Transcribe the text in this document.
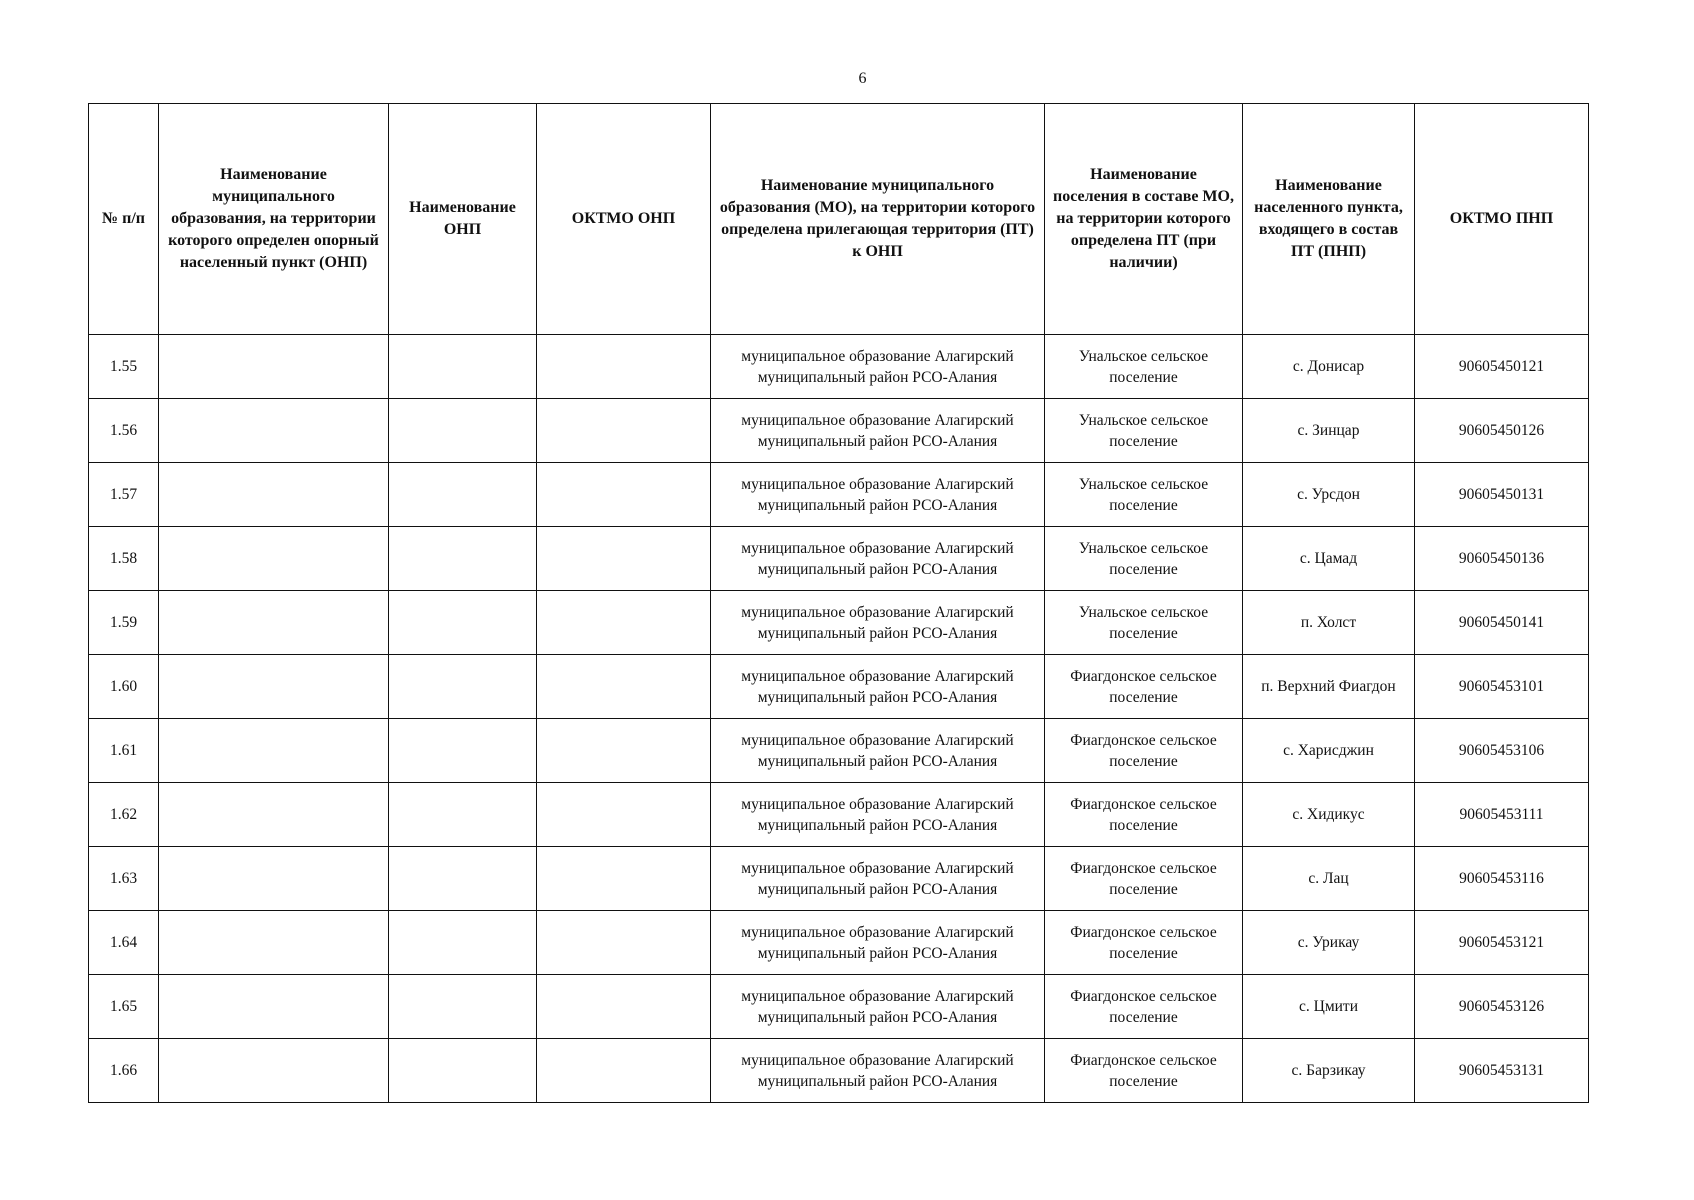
6
№ п/п	Наименование муниципального образования, на территории которого определен опорный населенный пункт (ОНП)	Наименование ОНП	ОКТМО ОНП	Наименование муниципального образования (МО), на территории которого определена прилегающая территория (ПТ) к ОНП	Наименование поселения в составе МО, на территории которого определена ПТ (при наличии)	Наименование населенного пункта, входящего в состав ПТ (ПНП)	ОКТМО ПНП
1.55				муниципальное образование Алагирский муниципальный район РСО-Алания	Унальское сельское поселение	с. Донисар	90605450121
1.56				муниципальное образование Алагирский муниципальный район РСО-Алания	Унальское сельское поселение	с. Зинцар	90605450126
1.57				муниципальное образование Алагирский муниципальный район РСО-Алания	Унальское сельское поселение	с. Урсдон	90605450131
1.58				муниципальное образование Алагирский муниципальный район РСО-Алания	Унальское сельское поселение	с. Цамад	90605450136
1.59				муниципальное образование Алагирский муниципальный район РСО-Алания	Унальское сельское поселение	п. Холст	90605450141
1.60				муниципальное образование Алагирский муниципальный район РСО-Алания	Фиагдонское сельское поселение	п. Верхний Фиагдон	90605453101
1.61				муниципальное образование Алагирский муниципальный район РСО-Алания	Фиагдонское сельское поселение	с. Харисджин	90605453106
1.62				муниципальное образование Алагирский муниципальный район РСО-Алания	Фиагдонское сельское поселение	с. Хидикус	90605453111
1.63				муниципальное образование Алагирский муниципальный район РСО-Алания	Фиагдонское сельское поселение	с. Лац	90605453116
1.64				муниципальное образование Алагирский муниципальный район РСО-Алания	Фиагдонское сельское поселение	с. Урикау	90605453121
1.65				муниципальное образование Алагирский муниципальный район РСО-Алания	Фиагдонское сельское поселение	с. Цмити	90605453126
1.66				муниципальное образование Алагирский муниципальный район РСО-Алания	Фиагдонское сельское поселение	с. Барзикау	90605453131
